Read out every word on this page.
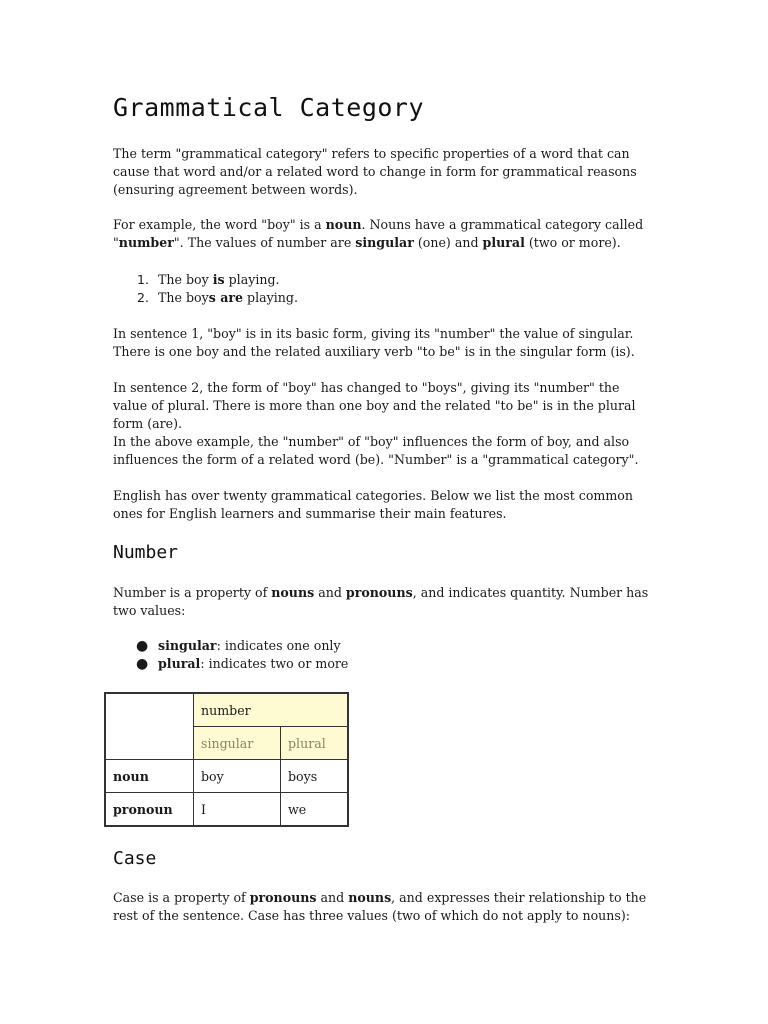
Grammatical Category

The term "grammatical category" refers to specific properties of a word that can cause that word and/or a related word to change in form for grammatical reasons (ensuring agreement between words).

For example, the word "boy" is a noun. Nouns have a grammatical category called "number". The values of number are singular (one) and plural (two or more).

1. The boy is playing.
2. The boys are playing.

In sentence 1, "boy" is in its basic form, giving its "number" the value of singular. There is one boy and the related auxiliary verb "to be" is in the singular form (is).

In sentence 2, the form of "boy" has changed to "boys", giving its "number" the value of plural. There is more than one boy and the related "to be" is in the plural form (are).

In the above example, the "number" of "boy" influences the form of boy, and also influences the form of a related word (be). "Number" is a "grammatical category".

English has over twenty grammatical categories. Below we list the most common ones for English learners and summarise their main features.

Number

Number is a property of nouns and pronouns, and indicates quantity. Number has two values:

● singular: indicates one only
● plural: indicates two or more
	number	
	singular	plural
noun	boy	boys
pronoun	I	we
Case

Case is a property of pronouns and nouns, and expresses their relationship to the rest of the sentence. Case has three values (two of which do not apply to nouns):
